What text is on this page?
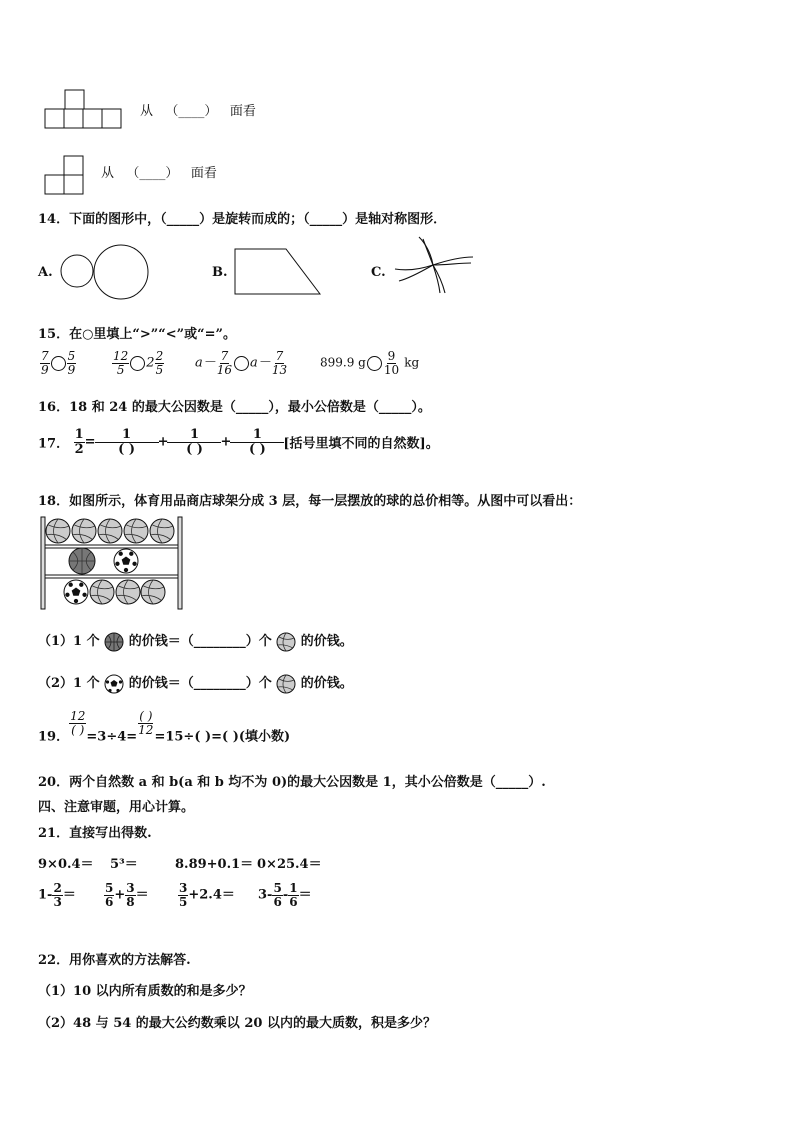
从 （____） 面看
从 （____） 面看
14．下面的图形中，（_____）是旋转而成的；（_____）是轴对称图形．
A.	B.	C.
15．在○里填上“>”“<”或“=”。
$\frac{7}{9} \frac{5}{9}$	$\frac{12}{5} 2 \frac{2}{5} a- \frac{7}{16} a- \frac{7}{13}$	899.9 g $\frac{9}{10}$ kg
16．18 和 24 的最大公因数是（_____），最小公倍数是（_____）。
17． $\frac{1}{2} = \frac{1}{( )} + \frac{1}{( )} + \frac{1}{( )}$ [括号里填不同的自然数]。
18．如图所示，体育用品商店球架分成 3 层，每一层摆放的球的总价相等。从图中可以看出：
（1）1 个 的价钱＝（________）个 的价钱。
（2）1 个 的价钱＝（________）个 的价钱。
19．
$\frac{12}{( )}$
=3÷4=
$\frac{( )}{12}$
=15÷( )=( )(填小数)
20．两个自然数 a 和 b(a 和 b 均不为 0)的最大公因数是 1，其小公倍数是（_____）.
四、注意审题，用心计算。
21．直接写出得数.
9×0.4＝ 5³＝	8.89+0.1＝ 0×25.4＝
$1- \frac{2}{3} = \frac{5}{6} + \frac{3}{8} = \frac{3}{5} +2.4= 3- \frac{5}{6} - \frac{1}{6}$ ＝
22．用你喜欢的方法解答.
（1）10 以内所有质数的和是多少？
（2）48 与 54 的最大公约数乘以 20 以内的最大质数，积是多少？
